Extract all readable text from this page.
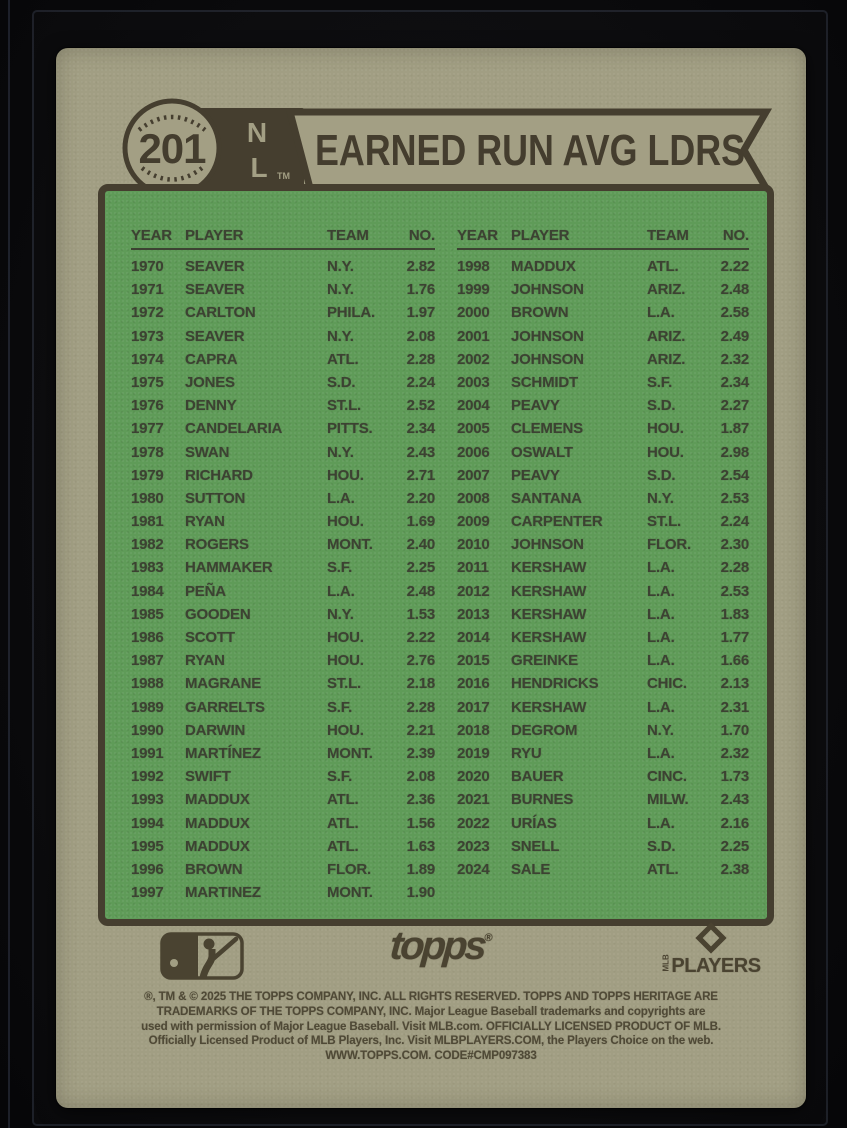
EARNED RUN AVG LDRS
201 N
L TM
YEAR PLAYER	TEAM	NO.
1970	SEAVER	N.Y.	2.82
1971	SEAVER	N.Y.	1.76
1972	CARLTON	PHILA.	1.97
1973	SEAVER	N.Y.	2.08
1974	CAPRA	ATL.	2.28
1975	JONES	S.D.	2.24
1976	DENNY	ST.L.	2.52
1977	CANDELARIA	PITTS.	2.34
1978	SWAN	N.Y.	2.43
1979	RICHARD	HOU.	2.71
1980	SUTTON	L.A.	2.20
1981	RYAN	HOU.	1.69
1982	ROGERS	MONT.	2.40
1983	HAMMAKER	S.F.	2.25
1984	PEÑA	L.A.	2.48
1985	GOODEN	N.Y.	1.53
1986	SCOTT	HOU.	2.22
1987	RYAN	HOU.	2.76
1988	MAGRANE	ST.L.	2.18
1989	GARRELTS	S.F.	2.28
1990	DARWIN	HOU.	2.21
1991	MARTÍNEZ	MONT.	2.39
1992	SWIFT	S.F.	2.08
1993	MADDUX	ATL.	2.36
1994	MADDUX	ATL.	1.56
1995	MADDUX	ATL.	1.63
1996	BROWN	FLOR.	1.89
1997	MARTINEZ	MONT.	1.90
YEAR PLAYER	TEAM	NO.
1998	MADDUX	ATL.	2.22
1999	JOHNSON	ARIZ.	2.48
2000	BROWN	L.A.	2.58
2001	JOHNSON	ARIZ.	2.49
2002	JOHNSON	ARIZ.	2.32
2003	SCHMIDT	S.F.	2.34
2004	PEAVY	S.D.	2.27
2005	CLEMENS	HOU.	1.87
2006	OSWALT	HOU.	2.98
2007	PEAVY	S.D.	2.54
2008	SANTANA	N.Y.	2.53
2009	CARPENTER	ST.L.	2.24
2010	JOHNSON	FLOR.	2.30
2011	KERSHAW	L.A.	2.28
2012	KERSHAW	L.A.	2.53
2013	KERSHAW	L.A.	1.83
2014	KERSHAW	L.A.	1.77
2015	GREINKE	L.A.	1.66
2016	HENDRICKS	CHIC.	2.13
2017	KERSHAW	L.A.	2.31
2018	DEGROM	N.Y.	1.70
2019	RYU	L.A.	2.32
2020	BAUER	CINC.	1.73
2021	BURNES	MILW.	2.43
2022	URÍAS	L.A.	2.16
2023	SNELL	S.D.	2.25
2024	SALE	ATL.	2.38
topps®
MLB PLAYERS
®, TM & © 2025 THE TOPPS COMPANY, INC. ALL RIGHTS RESERVED. TOPPS AND TOPPS HERITAGE ARE
TRADEMARKS OF THE TOPPS COMPANY, INC. Major League Baseball trademarks and copyrights are
used with permission of Major League Baseball. Visit MLB.com. OFFICIALLY LICENSED PRODUCT OF MLB.
Officially Licensed Product of MLB Players, Inc. Visit MLBPLAYERS.COM, the Players Choice on the web.
WWW.TOPPS.COM. CODE#CMP097383
